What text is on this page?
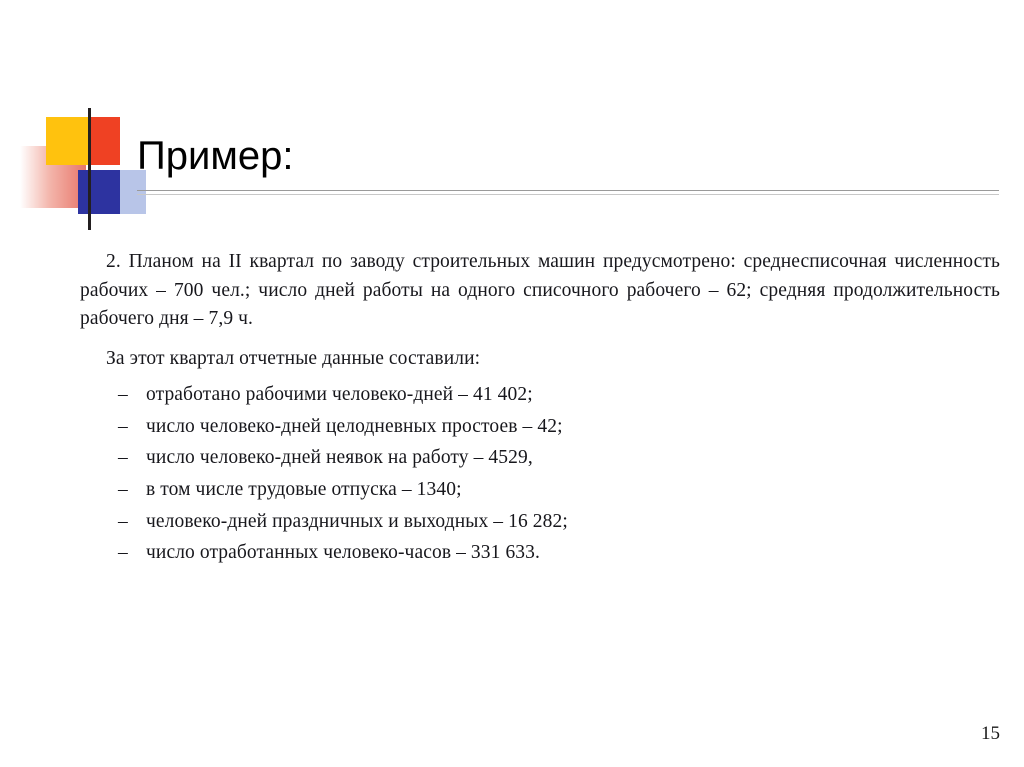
Пример:

2. Планом на II квартал по заводу строительных машин предусмотрено: среднесписочная численность рабочих – 700 чел.; число дней работы на одного списочного рабочего – 62; средняя продолжительность рабочего дня – 7,9 ч.

За этот квартал отчетные данные составили:

– отработано рабочими человеко-дней – 41 402;
– число человеко-дней целодневных простоев – 42;
– число человеко-дней неявок на работу – 4529,
– в том числе трудовые отпуска – 1340;
– человеко-дней праздничных и выходных – 16 282;
– число отработанных человеко-часов – 331 633.
15
